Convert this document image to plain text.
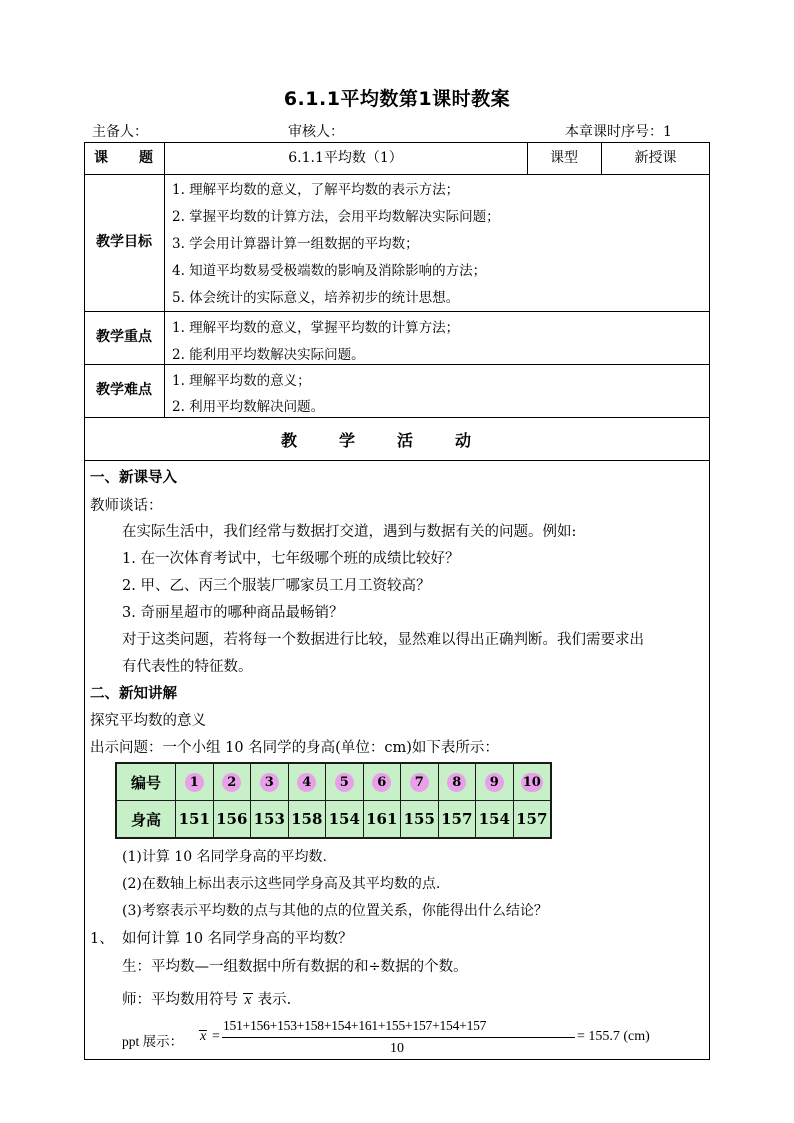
6.1.1平均数第1课时教案
主备人：	审核人：	本章课时序号：1
课　　题	6.1.1平均数（1）	课型	新授课
教学目标
1. 理解平均数的意义，了解平均数的表示方法；
2. 掌握平均数的计算方法，会用平均数解决实际问题；
3. 学会用计算器计算一组数据的平均数；
4. 知道平均数易受极端数的影响及消除影响的方法；
5. 体会统计的实际意义，培养初步的统计思想。
教学重点
1. 理解平均数的意义，掌握平均数的计算方法；
2. 能利用平均数解决实际问题。
教学难点
1. 理解平均数的意义；
2. 利用平均数解决问题。
教学活动
一、新课导入
教师谈话：
在实际生活中，我们经常与数据打交道，遇到与数据有关的问题。例如:
1. 在一次体育考试中，七年级哪个班的成绩比较好？
2. 甲、乙、丙三个服装厂哪家员工月工资较高？
3. 奇丽星超市的哪种商品最畅销？
对于这类问题，若将每一个数据进行比较，显然难以得出正确判断。我们需要求出
有代表性的特征数。
二、新知讲解
探究平均数的意义
出示问题：一个小组 10 名同学的身高(单位：cm)如下表所示：
编号	1	2	3	4	5	6	7	8	9	10
身高	151	156	153	158	154	161	155	157	154	157
(1)计算 10 名同学身高的平均数.
(2)在数轴上标出表示这些同学身高及其平均数的点.
(3)考察表示平均数的点与其他的点的位置关系，你能得出什么结论？
1、 如何计算 10 名同学身高的平均数？
生：平均数—一组数据中所有数据的和÷数据的个数。
师：平均数用符号 x 表示.
ppt 展示： x =
151+156+153+158+154+161+155+157+154+157
10
= 155.7 (cm)
